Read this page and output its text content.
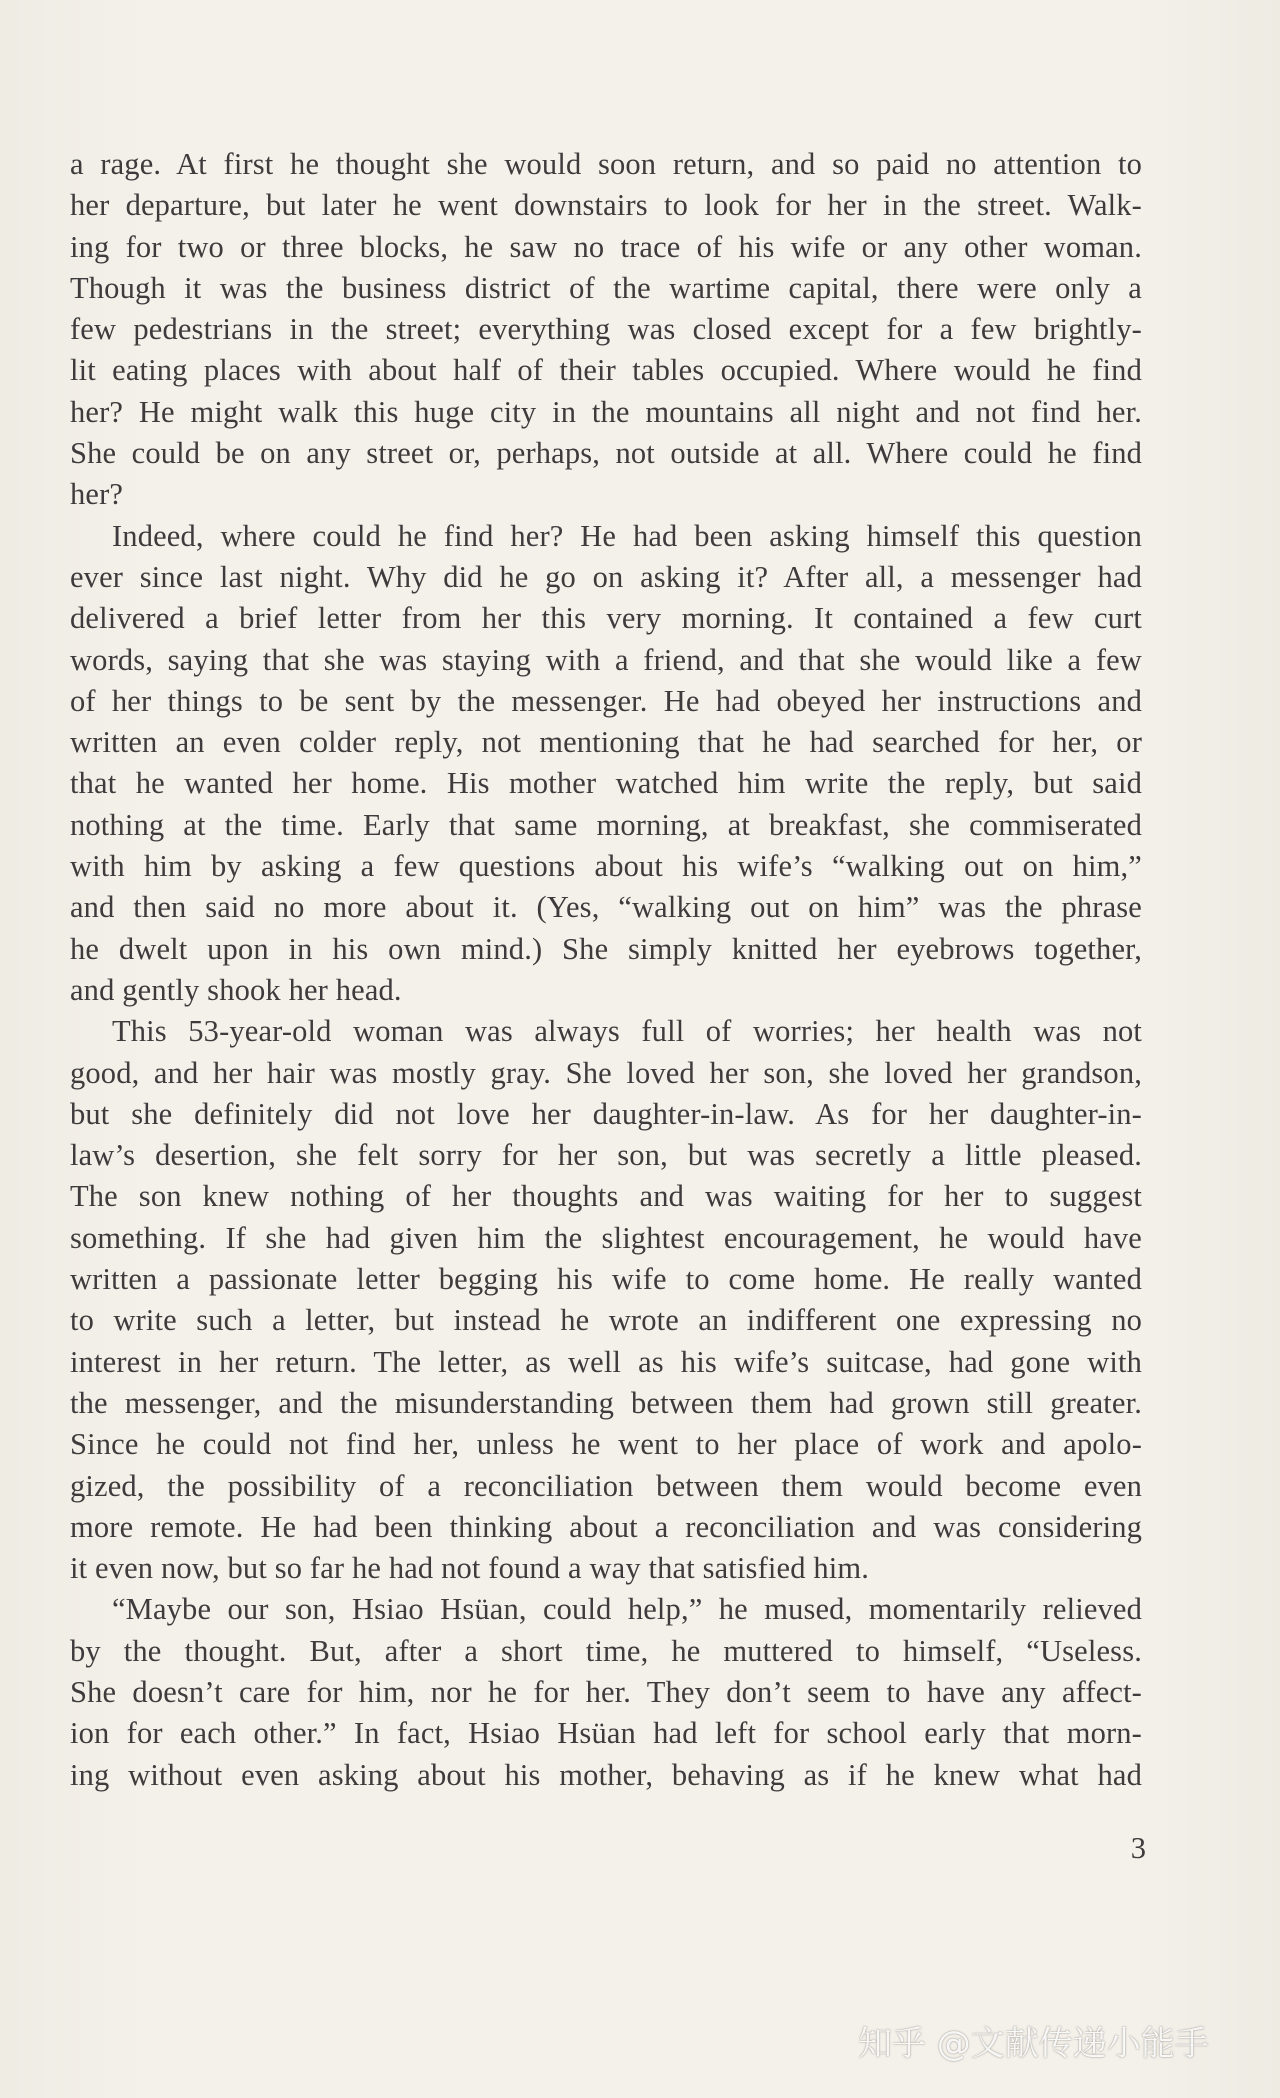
a rage. At first he thought she would soon return, and so paid no attention to
her departure, but later he went downstairs to look for her in the street. Walk-
ing for two or three blocks, he saw no trace of his wife or any other woman.
Though it was the business district of the wartime capital, there were only a
few pedestrians in the street; everything was closed except for a few brightly-
lit eating places with about half of their tables occupied. Where would he find
her? He might walk this huge city in the mountains all night and not find her.
She could be on any street or, perhaps, not outside at all. Where could he find
her?
Indeed, where could he find her? He had been asking himself this question
ever since last night. Why did he go on asking it? After all, a messenger had
delivered a brief letter from her this very morning. It contained a few curt
words, saying that she was staying with a friend, and that she would like a few
of her things to be sent by the messenger. He had obeyed her instructions and
written an even colder reply, not mentioning that he had searched for her, or
that he wanted her home. His mother watched him write the reply, but said
nothing at the time. Early that same morning, at breakfast, she commiserated
with him by asking a few questions about his wife’s “walking out on him,”
and then said no more about it. (Yes, “walking out on him” was the phrase
he dwelt upon in his own mind.) She simply knitted her eyebrows together,
and gently shook her head.
This 53-year-old woman was always full of worries; her health was not
good, and her hair was mostly gray. She loved her son, she loved her grandson,
but she definitely did not love her daughter-in-law. As for her daughter-in-
law’s desertion, she felt sorry for her son, but was secretly a little pleased.
The son knew nothing of her thoughts and was waiting for her to suggest
something. If she had given him the slightest encouragement, he would have
written a passionate letter begging his wife to come home. He really wanted
to write such a letter, but instead he wrote an indifferent one expressing no
interest in her return. The letter, as well as his wife’s suitcase, had gone with
the messenger, and the misunderstanding between them had grown still greater.
Since he could not find her, unless he went to her place of work and apolo-
gized, the possibility of a reconciliation between them would become even
more remote. He had been thinking about a reconciliation and was considering
it even now, but so far he had not found a way that satisfied him.
“Maybe our son, Hsiao Hsüan, could help,” he mused, momentarily relieved
by the thought. But, after a short time, he muttered to himself, “Useless.
She doesn’t care for him, nor he for her. They don’t seem to have any affect-
ion for each other.” In fact, Hsiao Hsüan had left for school early that morn-
ing without even asking about his mother, behaving as if he knew what had
3
知乎 @文献传递小能手
